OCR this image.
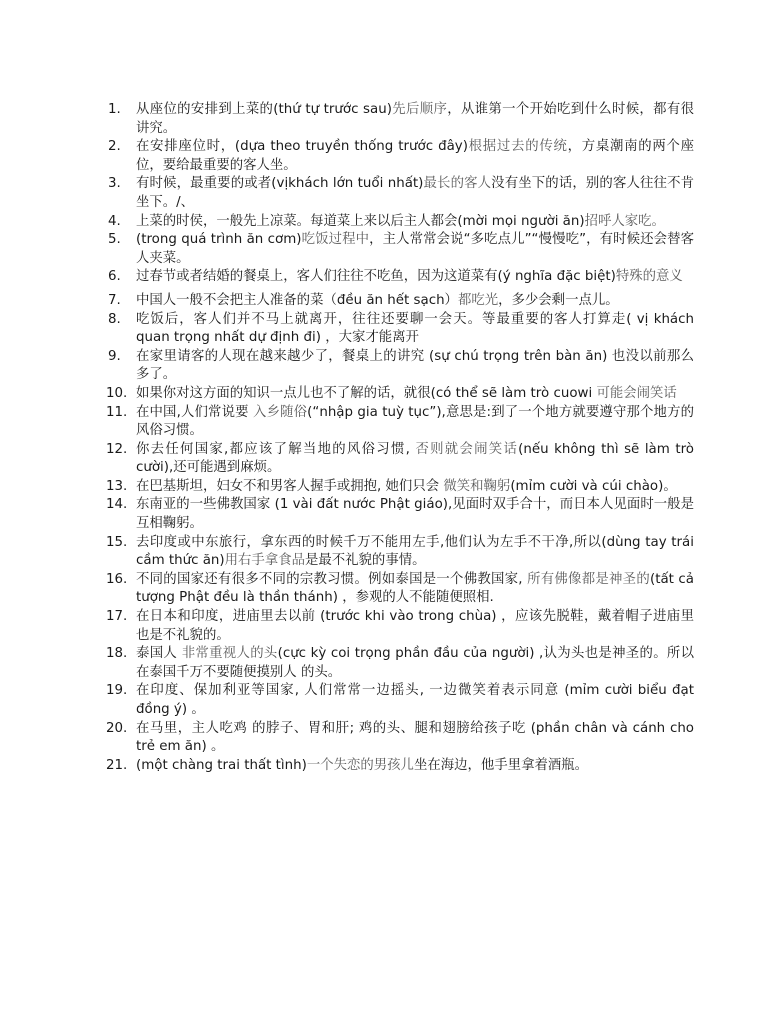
1.	从座位的安排到上菜的(thứ tự trước sau)先后顺序，从谁第一个开始吃到什么时候，都有很讲究。
2.	在安排座位时，(dựa theo truyền thống trước đây)根据过去的传统，方桌潮南的两个座位，要给最重要的客人坐。
3.	有时候，最重要的或者(vịkhách lớn tuổi nhất)最长的客人没有坐下的话，别的客人往往不肯坐下。/、
4.	上菜的时侯，一般先上凉菜。每道菜上来以后主人都会(mời mọi người ăn)招呼人家吃。
5.	(trong quá trình ăn cơm)吃饭过程中，主人常常会说“多吃点儿”“慢慢吃”，有时候还会替客人夹菜。
6.	过春节或者结婚的餐桌上，客人们往往不吃鱼，因为这道菜有(ý nghĩa đặc biệt)特殊的意义
7.	中国人一般不会把主人准备的菜（đều ăn hết sạch）都吃光，多少会剩一点儿。
8.	吃饭后，客人们并不马上就离开，往往还要聊一会天。等最重要的客人打算走( vị khách quan trọng nhất dự định đi) ，大家才能离开
9.	在家里请客的人现在越来越少了，餐桌上的讲究 (sự chú trọng trên bàn ăn) 也没以前那么多了。
10. 如果你对这方面的知识一点儿也不了解的话，就很(có thể sẽ làm trò cuowi 可能会闹笑话
11. 在中国,人们常说要 入乡随俗(“nhập gia tuỳ tục”),意思是:到了一个地方就要遵守那个地方的 风俗习惯。
12. 你去任何国家,都应该了解当地的风俗习惯, 否则就会闹笑话(nếu không thì sẽ làm trò cười),还可能遇到麻烦。
13. 在巴基斯坦，妇女不和男客人握手或拥抱, 她们只会 微笑和鞠躬(mỉm cười và cúi chào)。
14. 东南亚的一些佛教国家 (1 vài đất nước Phật giáo),见面时双手合十，而日本人见面时一般是互相鞠躬。
15. 去印度或中东旅行，拿东西的时候千万不能用左手,他们认为左手不干净,所以(dùng tay trái cầm thức ăn)用右手拿食品是最不礼貌的事情。
16. 不同的国家还有很多不同的宗教习惯。例如泰国是一个佛教国家, 所有佛像都是神圣的(tất cả tượng Phật đều là thần thánh) ，参观的人不能随便照相.
17. 在日本和印度，进庙里去以前 (trước khi vào trong chùa) ，应该先脱鞋，戴着帽子进庙里也是不礼貌的。
18. 泰国人 非常重视人的头(cực kỳ coi trọng phần đầu của người) ,认为头也是神圣的。所以在泰国千万不要随便摸别人 的头。
19. 在印度、保加利亚等国家, 人们常常一边摇头, 一边微笑着表示同意 (mỉm cười biểu đạt đồng ý) 。
20. 在马里，主人吃鸡 的脖子、胃和肝; 鸡的头、腿和翅膀给孩子吃 (phần chân và cánh cho trẻ em ăn) 。
21. (một chàng trai thất tình)一个失恋的男孩儿坐在海边，他手里拿着酒瓶。
